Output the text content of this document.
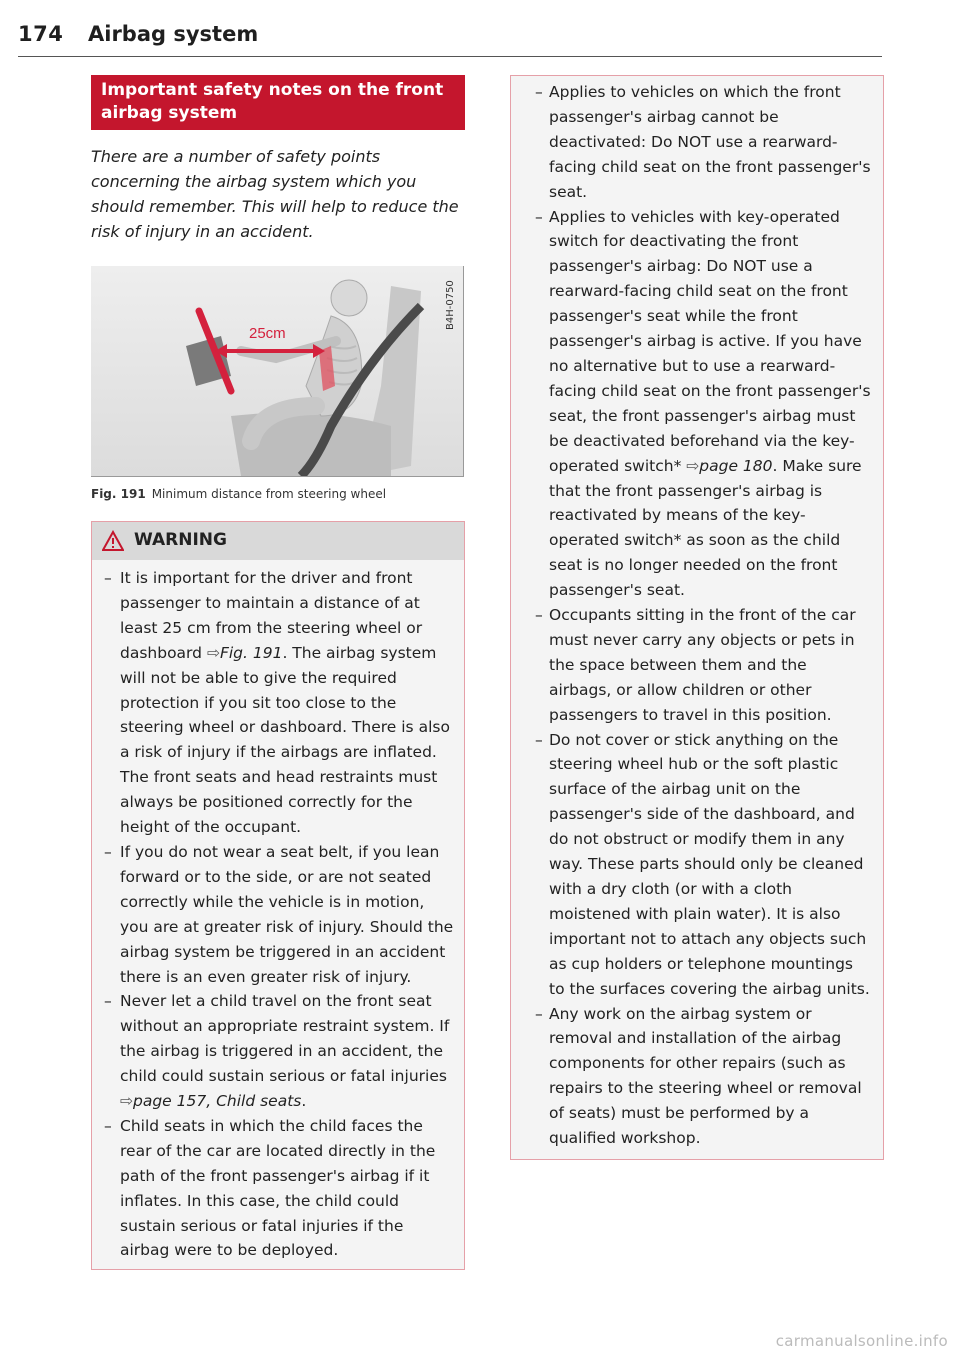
174 Airbag system
Important safety notes on the front airbag system

There are a number of safety points concerning the airbag system which you should remember. This will help to reduce the risk of injury in an accident.

25cm
B4H-0750
Fig. 191 Minimum distance from steering wheel
WARNING
– It is important for the driver and front passenger to maintain a distance of at least 25 cm from the steering wheel or dashboard ⇨Fig. 191. The airbag system will not be able to give the required protection if you sit too close to the steering wheel or dashboard. There is also a risk of injury if the airbags are inflated. The front seats and head restraints must always be positioned correctly for the height of the occupant.
– If you do not wear a seat belt, if you lean forward or to the side, or are not seated correctly while the vehicle is in motion, you are at greater risk of injury. Should the airbag system be triggered in an accident there is an even greater risk of injury.
– Never let a child travel on the front seat without an appropriate restraint system. If the airbag is triggered in an accident, the child could sustain serious or fatal injuries ⇨page 157, Child seats.
– Child seats in which the child faces the rear of the car are located directly in the path of the front passenger's airbag if it inflates. In this case, the child could sustain serious or fatal injuries if the airbag were to be deployed.
– Applies to vehicles on which the front passenger's airbag cannot be deactivated: Do NOT use a rearward-facing child seat on the front passenger's seat.
– Applies to vehicles with key-operated switch for deactivating the front passenger's airbag: Do NOT use a rearward-facing child seat on the front passenger's seat while the front passenger's airbag is active. If you have no alternative but to use a rearward-facing child seat on the front passenger's seat, the front passenger's airbag must be deactivated beforehand via the key-operated switch* ⇨page 180. Make sure that the front passenger's airbag is reactivated by means of the key-operated switch* as soon as the child seat is no longer needed on the front passenger's seat.
– Occupants sitting in the front of the car must never carry any objects or pets in the space between them and the airbags, or allow children or other passengers to travel in this position.
– Do not cover or stick anything on the steering wheel hub or the soft plastic surface of the airbag unit on the passenger's side of the dashboard, and do not obstruct or modify them in any way. These parts should only be cleaned with a dry cloth (or with a cloth moistened with plain water). It is also important not to attach any objects such as cup holders or telephone mountings to the surfaces covering the airbag units.
– Any work on the airbag system or removal and installation of the airbag components for other repairs (such as repairs to the steering wheel or removal of seats) must be performed by a qualified workshop.
carmanualsonline.info
